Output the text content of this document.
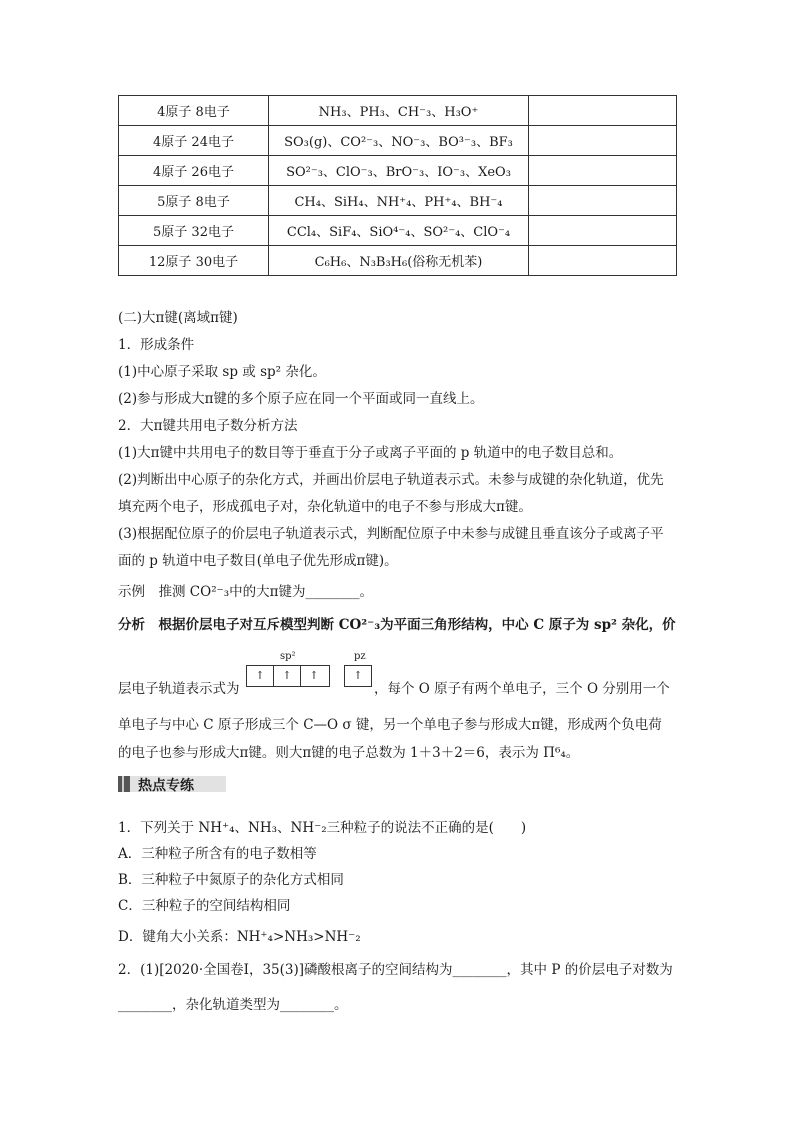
4原子 8电子	NH₃、PH₃、CH⁻₃、H₃O⁺	
4原子 24电子	SO₃(g)、CO²⁻₃、NO⁻₃、BO³⁻₃、BF₃	
4原子 26电子	SO²⁻₃、ClO⁻₃、BrO⁻₃、IO⁻₃、XeO₃	
5原子 8电子	CH₄、SiH₄、NH⁺₄、PH⁺₄、BH⁻₄	
5原子 32电子	CCl₄、SiF₄、SiO⁴⁻₄、SO²⁻₄、ClO⁻₄	
12原子 30电子	C₆H₆、N₃B₃H₆(俗称无机苯)	
(二)大π键(离域π键)
1．形成条件
(1)中心原子采取 sp 或 sp² 杂化。
(2)参与形成大π键的多个原子应在同一个平面或同一直线上。
2．大π键共用电子数分析方法
(1)大π键中共用电子的数目等于垂直于分子或离子平面的 p 轨道中的电子数目总和。
(2)判断出中心原子的杂化方式，并画出价层电子轨道表示式。未参与成键的杂化轨道，优先
填充两个电子，形成孤电子对，杂化轨道中的电子不参与形成大π键。
(3)根据配位原子的价层电子轨道表示式，判断配位原子中未参与成键且垂直该分子或离子平
面的 p 轨道中电子数目(单电子优先形成π键)。
示例　推测 CO²⁻₃中的大π键为________。
分析　根据价层电子对互斥模型判断 CO²⁻₃为平面三角形结构，中心 C 原子为 sp² 杂化，价
层电子轨道表示式为
sp²
↑	↑	↑
pz
↑
，每个 O 原子有两个单电子，三个 O 分别用一个
单电子与中心 C 原子形成三个 C—O σ 键，另一个单电子参与形成大π键，形成两个负电荷
的电子也参与形成大π键。则大π键的电子总数为 1＋3＋2＝6，表示为 Π⁶₄。
热点专练
1．下列关于 NH⁺₄、NH₃、NH⁻₂三种粒子的说法不正确的是(　　)
A．三种粒子所含有的电子数相等
B．三种粒子中氮原子的杂化方式相同
C．三种粒子的空间结构相同
D．键角大小关系：NH⁺₄>NH₃>NH⁻₂
2．(1)[2020·全国卷Ⅰ，35(3)]磷酸根离子的空间结构为________，其中 P 的价层电子对数为
________，杂化轨道类型为________。
